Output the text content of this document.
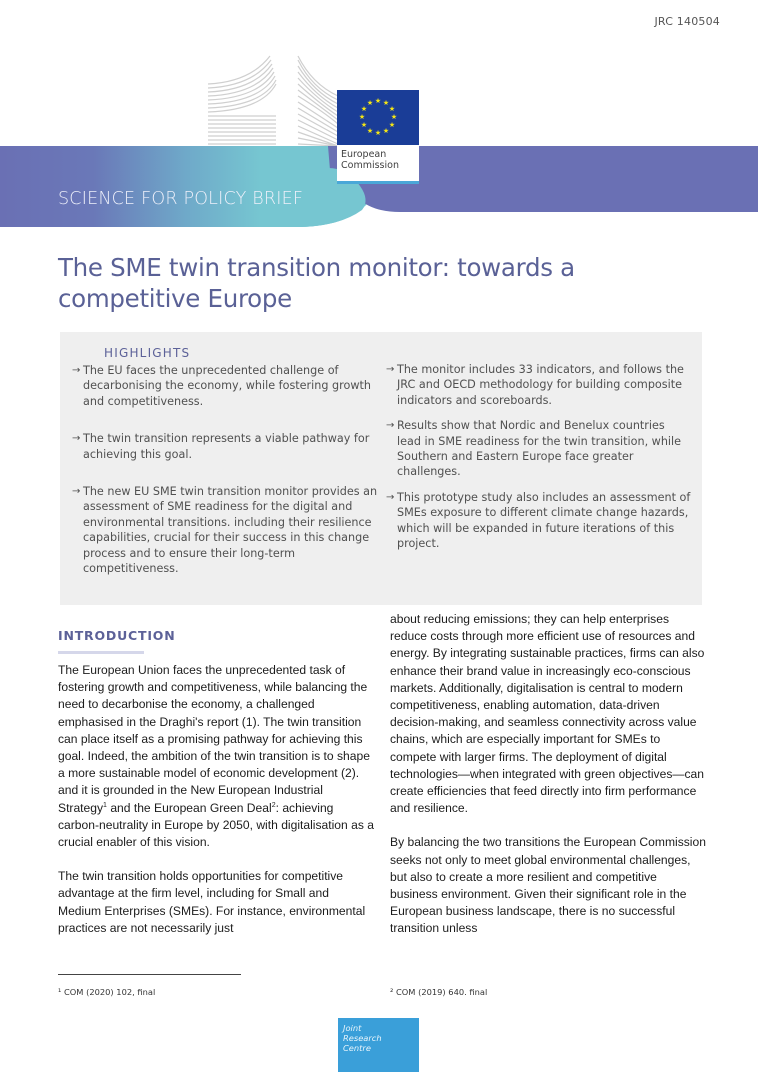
JRC 140504
★ ★
★
★
★
★
★
★
★
★
★
★
European
Commission
SCIENCE FOR POLICY BRIEF
The SME twin transition monitor: towards a competitive Europe
HIGHLIGHTS
→ The EU faces the unprecedented challenge of decarbonising the economy, while fostering growth and competitiveness.
→ The twin transition represents a viable pathway for achieving this goal.
→ The new EU SME twin transition monitor provides an assessment of SME readiness for the digital and environmental transitions. including their resilience capabilities, crucial for their success in this change process and to ensure their long-term competitiveness.
→ The monitor includes 33 indicators, and follows the JRC and OECD methodology for building composite indicators and scoreboards.
→ Results show that Nordic and Benelux countries lead in SME readiness for the twin transition, while Southern and Eastern Europe face greater challenges.
→ This prototype study also includes an assessment of SMEs exposure to different climate change hazards, which will be expanded in future iterations of this project.
INTRODUCTION

The European Union faces the unprecedented task of fostering growth and competitiveness, while balancing the need to decarbonise the economy, a challenged emphasised in the Draghi's report (1). The twin transition can place itself as a promising pathway for achieving this goal. Indeed, the ambition of the twin transition is to shape a more sustainable model of economic development (2). and it is grounded in the New European Industrial Strategy$^1$ and the European Green Deal$^2$: achieving carbon-neutrality in Europe by 2050, with digitalisation as a crucial enabler of this vision.

The twin transition holds opportunities for competitive advantage at the firm level, including for Small and Medium Enterprises (SMEs). For instance, environmental practices are not necessarily just

about reducing emissions; they can help enterprises reduce costs through more efficient use of resources and energy. By integrating sustainable practices, firms can also enhance their brand value in increasingly eco-conscious markets. Additionally, digitalisation is central to modern competitiveness, enabling automation, data-driven decision-making, and seamless connectivity across value chains, which are especially important for SMEs to compete with larger firms. The deployment of digital technologies—when integrated with green objectives—can create efficiencies that feed directly into firm performance and resilience.

By balancing the two transitions the European Commission seeks not only to meet global environmental challenges, but also to create a more resilient and competitive business environment. Given their significant role in the European business landscape, there is no successful transition unless

¹ COM (2020) 102, final	² COM (2019) 640. final
Joint
Research
Centre
